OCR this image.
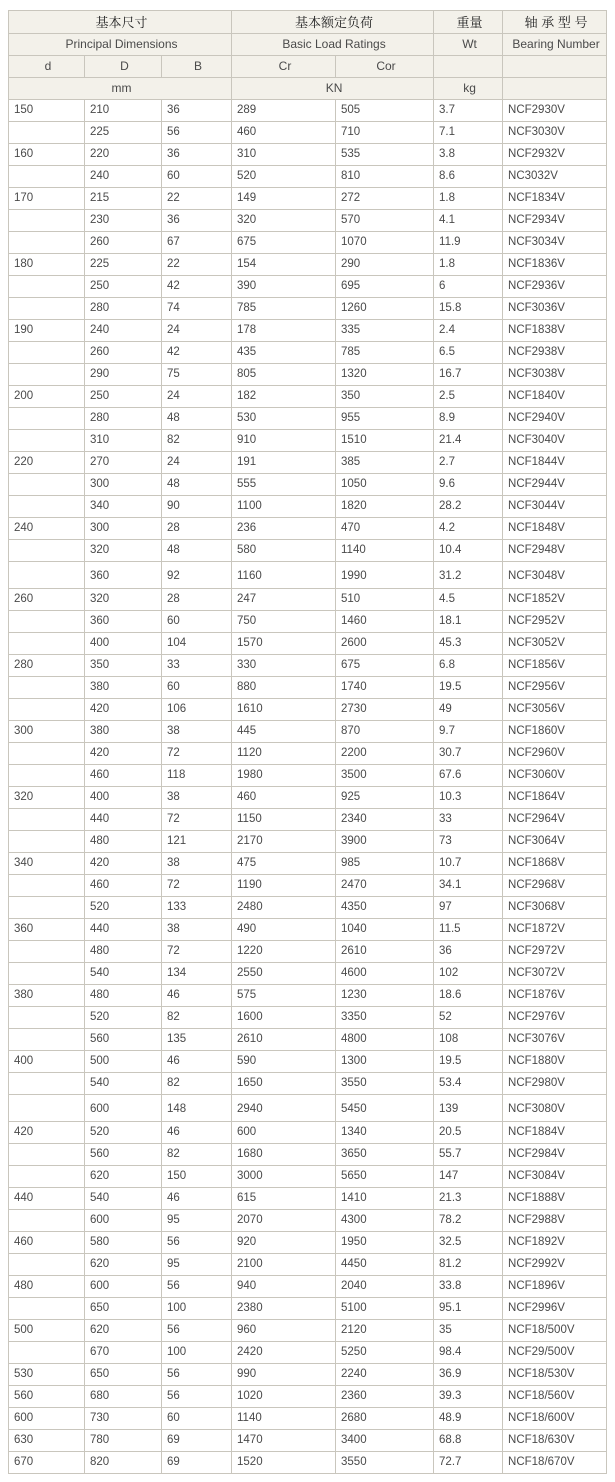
基本尺寸			基本额定负荷		重量	轴 承 型 号
Principal Dimensions			Basic Load Ratings		Wt	Bearing Number
d	D	B	Cr	Cor		
mm			KN		kg	
150	210	36	289	505	3.7	NCF2930V
	225	56	460	710	7.1	NCF3030V
160	220	36	310	535	3.8	NCF2932V
	240	60	520	810	8.6	NC3032V
170	215	22	149	272	1.8	NCF1834V
	230	36	320	570	4.1	NCF2934V
	260	67	675	1070	11.9	NCF3034V
180	225	22	154	290	1.8	NCF1836V
	250	42	390	695	6	NCF2936V
	280	74	785	1260	15.8	NCF3036V
190	240	24	178	335	2.4	NCF1838V
	260	42	435	785	6.5	NCF2938V
	290	75	805	1320	16.7	NCF3038V
200	250	24	182	350	2.5	NCF1840V
	280	48	530	955	8.9	NCF2940V
	310	82	910	1510	21.4	NCF3040V
220	270	24	191	385	2.7	NCF1844V
	300	48	555	1050	9.6	NCF2944V
	340	90	1100	1820	28.2	NCF3044V
240	300	28	236	470	4.2	NCF1848V
	320	48	580	1140	10.4	NCF2948V
	360	92	1160	1990	31.2	NCF3048V
260	320	28	247	510	4.5	NCF1852V
	360	60	750	1460	18.1	NCF2952V
	400	104	1570	2600	45.3	NCF3052V
280	350	33	330	675	6.8	NCF1856V
	380	60	880	1740	19.5	NCF2956V
	420	106	1610	2730	49	NCF3056V
300	380	38	445	870	9.7	NCF1860V
	420	72	1120	2200	30.7	NCF2960V
	460	118	1980	3500	67.6	NCF3060V
320	400	38	460	925	10.3	NCF1864V
	440	72	1150	2340	33	NCF2964V
	480	121	2170	3900	73	NCF3064V
340	420	38	475	985	10.7	NCF1868V
	460	72	1190	2470	34.1	NCF2968V
	520	133	2480	4350	97	NCF3068V
360	440	38	490	1040	11.5	NCF1872V
	480	72	1220	2610	36	NCF2972V
	540	134	2550	4600	102	NCF3072V
380	480	46	575	1230	18.6	NCF1876V
	520	82	1600	3350	52	NCF2976V
	560	135	2610	4800	108	NCF3076V
400	500	46	590	1300	19.5	NCF1880V
	540	82	1650	3550	53.4	NCF2980V
	600	148	2940	5450	139	NCF3080V
420	520	46	600	1340	20.5	NCF1884V
	560	82	1680	3650	55.7	NCF2984V
	620	150	3000	5650	147	NCF3084V
440	540	46	615	1410	21.3	NCF1888V
	600	95	2070	4300	78.2	NCF2988V
460	580	56	920	1950	32.5	NCF1892V
	620	95	2100	4450	81.2	NCF2992V
480	600	56	940	2040	33.8	NCF1896V
	650	100	2380	5100	95.1	NCF2996V
500	620	56	960	2120	35	NCF18/500V
	670	100	2420	5250	98.4	NCF29/500V
530	650	56	990	2240	36.9	NCF18/530V
560	680	56	1020	2360	39.3	NCF18/560V
600	730	60	1140	2680	48.9	NCF18/600V
630	780	69	1470	3400	68.8	NCF18/630V
670	820	69	1520	3550	72.7	NCF18/670V
